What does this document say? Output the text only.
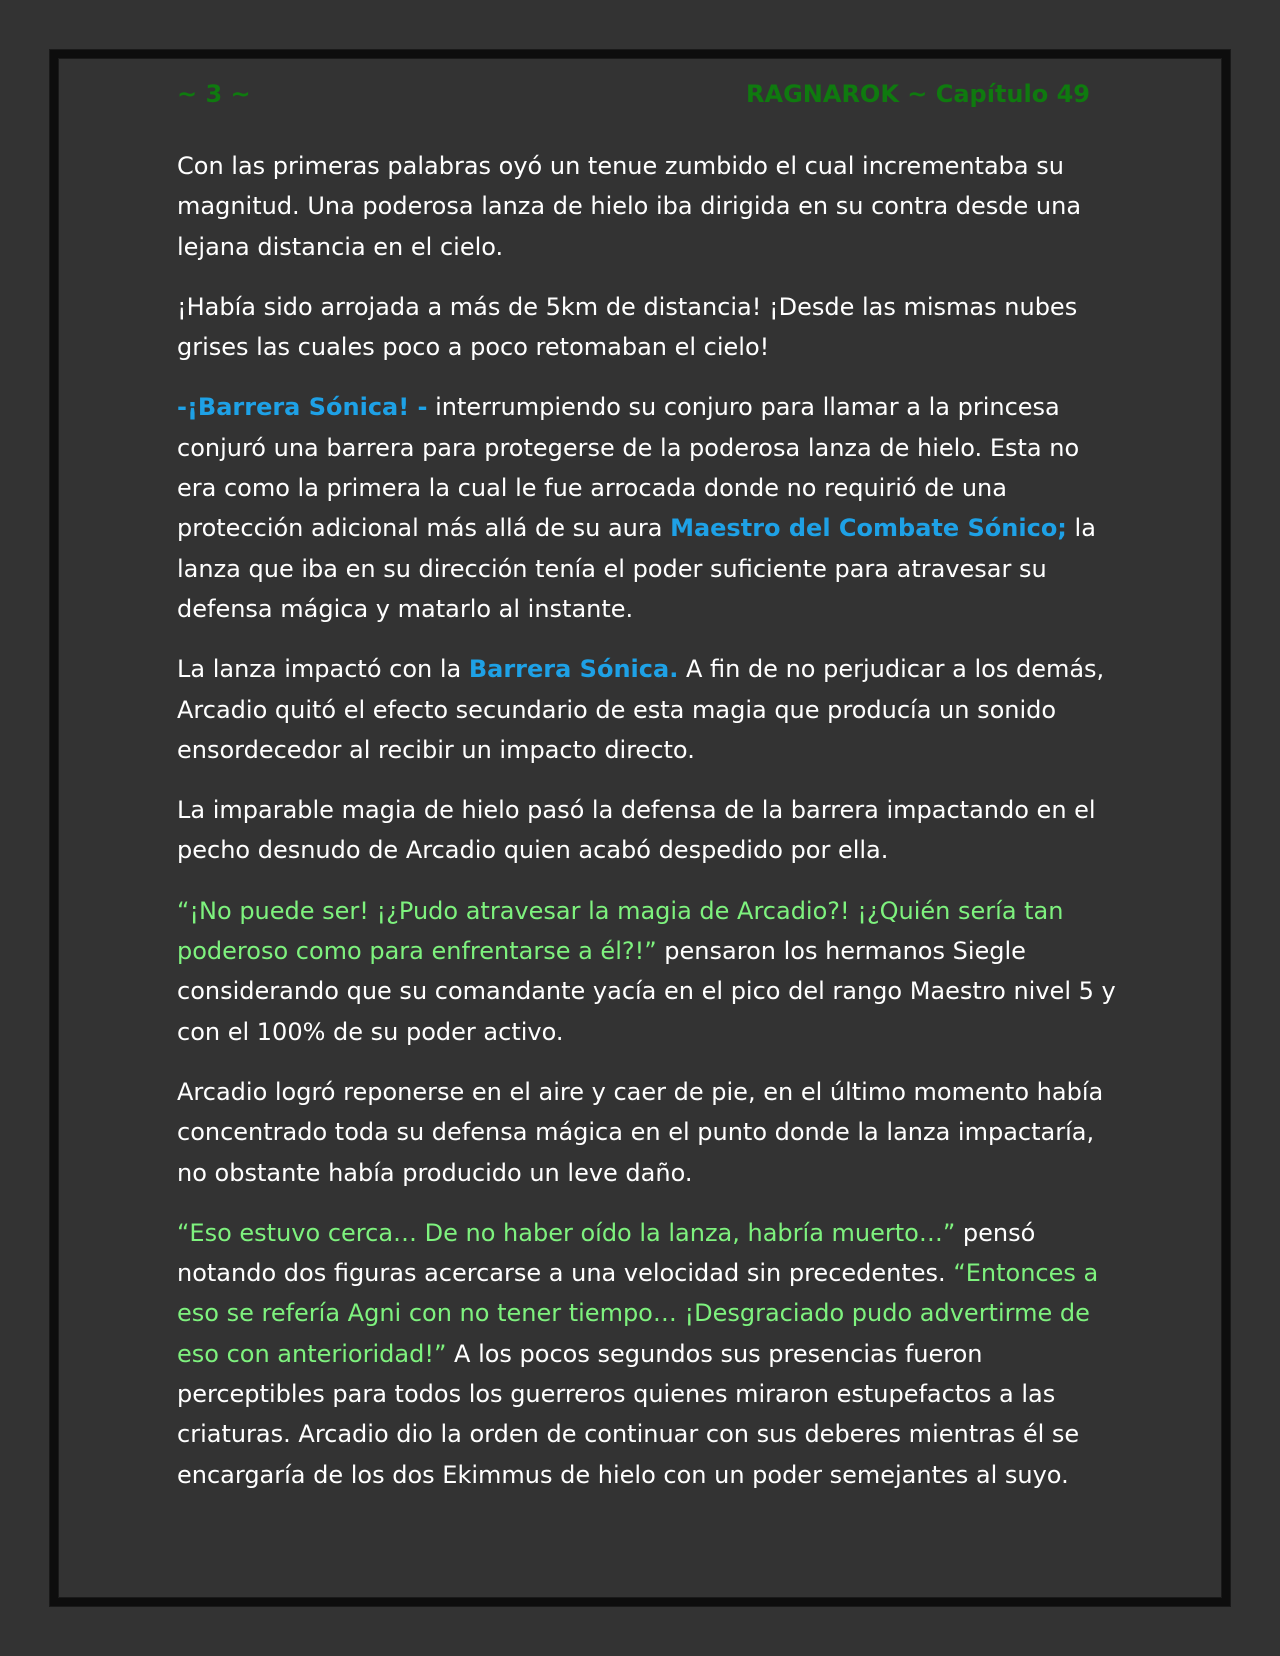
~ 3 ~	RAGNAROK ~ Capítulo 49

Con las primeras palabras oyó un tenue zumbido el cual incrementaba su magnitud. Una poderosa lanza de hielo iba dirigida en su contra desde una lejana distancia en el cielo.

¡Había sido arrojada a más de 5km de distancia! ¡Desde las mismas nubes grises las cuales poco a poco retomaban el cielo!

-¡Barrera Sónica! - interrumpiendo su conjuro para llamar a la princesa conjuró una barrera para protegerse de la poderosa lanza de hielo. Esta no era como la primera la cual le fue arrocada donde no requirió de una protección adicional más allá de su aura Maestro del Combate Sónico; la lanza que iba en su dirección tenía el poder suficiente para atravesar su defensa mágica y matarlo al instante.

La lanza impactó con la Barrera Sónica. A fin de no perjudicar a los demás, Arcadio quitó el efecto secundario de esta magia que producía un sonido ensordecedor al recibir un impacto directo.

La imparable magia de hielo pasó la defensa de la barrera impactando en el pecho desnudo de Arcadio quien acabó despedido por ella.

“¡No puede ser! ¡¿Pudo atravesar la magia de Arcadio?! ¡¿Quién sería tan poderoso como para enfrentarse a él?!” pensaron los hermanos Siegle considerando que su comandante yacía en el pico del rango Maestro nivel 5 y con el 100% de su poder activo.

Arcadio logró reponerse en el aire y caer de pie, en el último momento había concentrado toda su defensa mágica en el punto donde la lanza impactaría, no obstante había producido un leve daño.

“Eso estuvo cerca… De no haber oído la lanza, habría muerto…” pensó notando dos figuras acercarse a una velocidad sin precedentes. “Entonces a eso se refería Agni con no tener tiempo… ¡Desgraciado pudo advertirme de eso con anterioridad!” A los pocos segundos sus presencias fueron perceptibles para todos los guerreros quienes miraron estupefactos a las criaturas. Arcadio dio la orden de continuar con sus deberes mientras él se encargaría de los dos Ekimmus de hielo con un poder semejantes al suyo.
